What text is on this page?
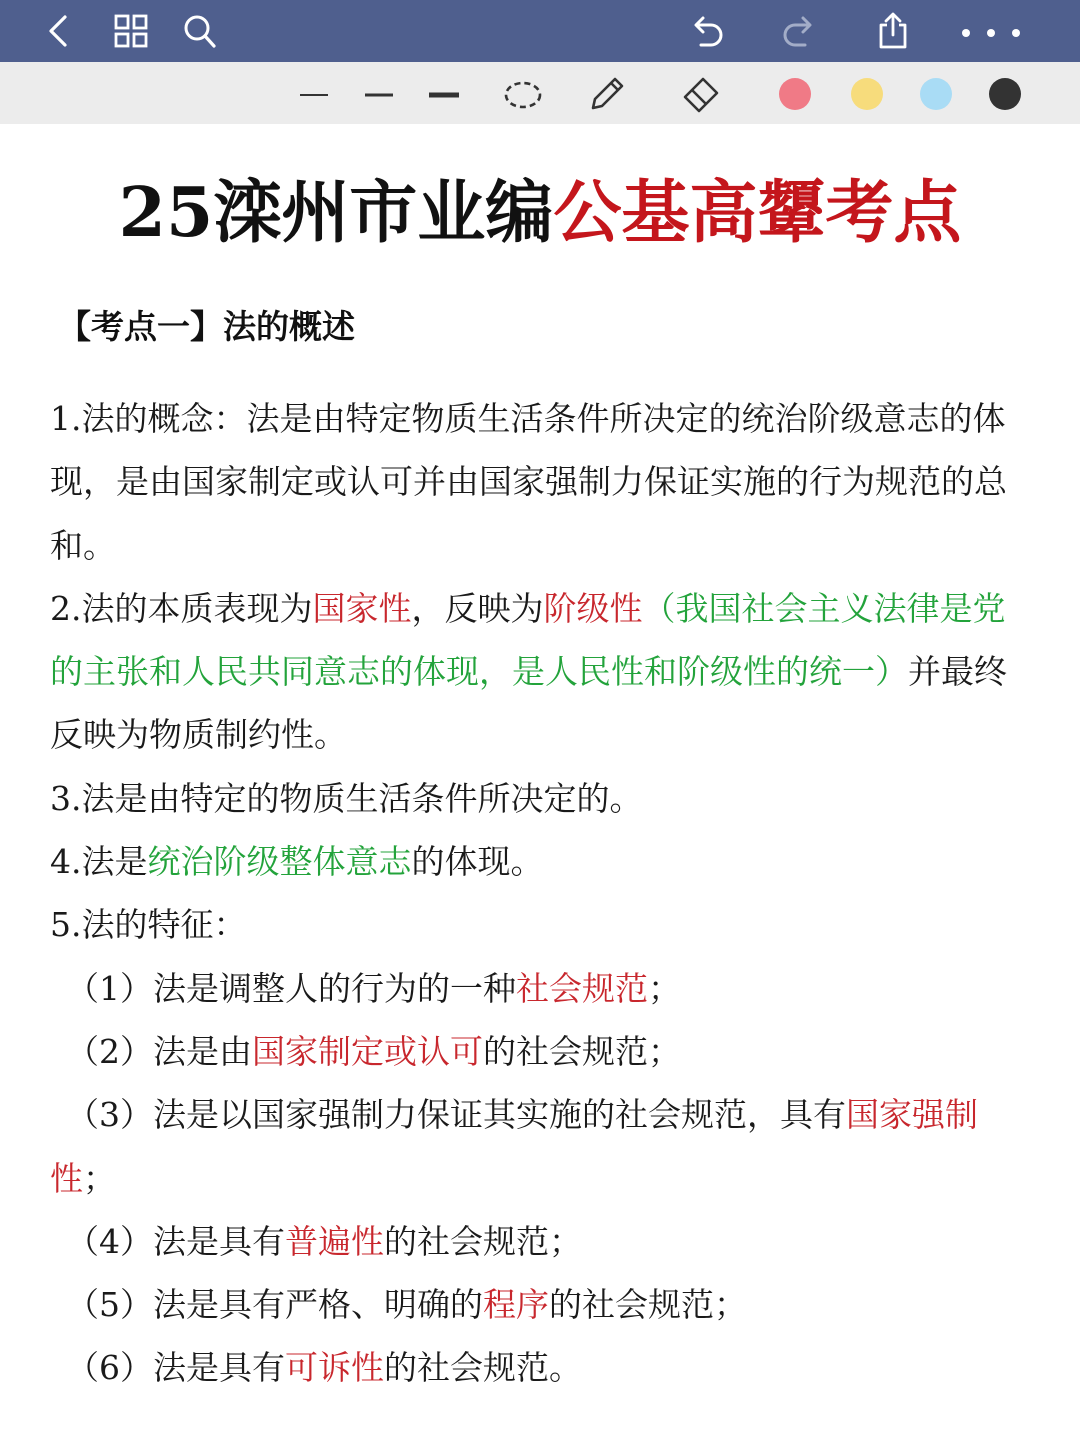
25滦州市业编公基高顰考点
【考点一】法的概述

1.法的概念：法是由特定物质生活条件所决定的统治阶级意志的体现，是由国家制定或认可并由国家强制力保证实施的行为规范的总和。

2.法的本质表现为国家性，反映为阶级性（我国社会主义法律是党的主张和人民共同意志的体现，是人民性和阶级性的统一）并最终反映为物质制约性。

3.法是由特定的物质生活条件所决定的。

4.法是统治阶级整体意志的体现。

5.法的特征：

（1）法是调整人的行为的一种社会规范；

（2）法是由国家制定或认可的社会规范；

（3）法是以国家强制力保证其实施的社会规范，具有国家强制性；

（4）法是具有普遍性的社会规范；

（5）法是具有严格、明确的程序的社会规范；

（6）法是具有可诉性的社会规范。
